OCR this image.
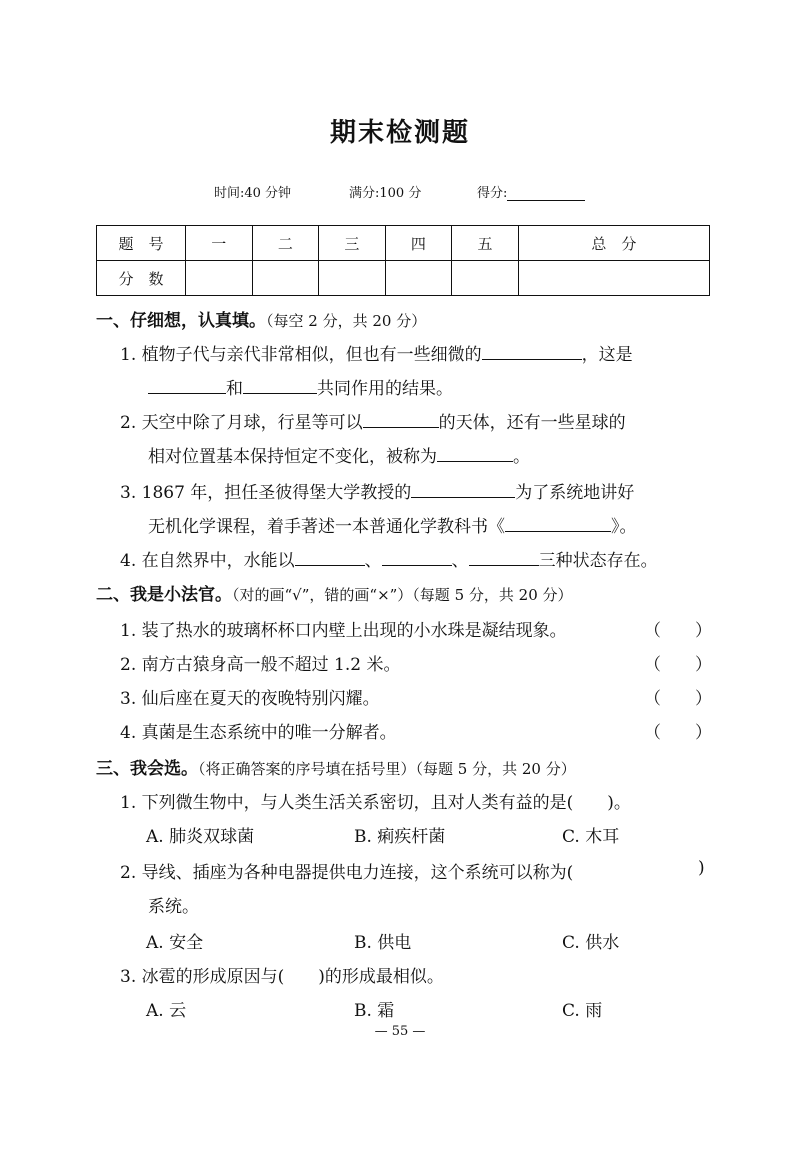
期末检测题
时间:40 分钟	满分:100 分	得分:
题　号	一	二	三	四	五	总　分
分　数						
一、仔细想，认真填。（每空 2 分，共 20 分）
1. 植物子代与亲代非常相似，但也有一些细微的	，这是
和	共同作用的结果。
2. 天空中除了月球，行星等可以	的天体，还有一些星球的
相对位置基本保持恒定不变化，被称为	。
3. 1867 年，担任圣彼得堡大学教授的	为了系统地讲好
无机化学课程，着手著述一本普通化学教科书《	》。
4. 在自然界中，水能以	、	、	三种状态存在。
二、我是小法官。（对的画“√”，错的画“×”）（每题 5 分，共 20 分）
1. 装了热水的玻璃杯杯口内壁上出现的小水珠是凝结现象。	（　　）
2. 南方古猿身高一般不超过 1.2 米。	（　　）
3. 仙后座在夏天的夜晚特别闪耀。	（　　）
4. 真菌是生态系统中的唯一分解者。	（　　）
三、我会选。（将正确答案的序号填在括号里）（每题 5 分，共 20 分）
1. 下列微生物中，与人类生活关系密切，且对人类有益的是(　　)。
A. 肺炎双球菌	B. 痢疾杆菌	C. 木耳
2. 导线、插座为各种电器提供电力连接，这个系统可以称为(	)
系统。
A. 安全	B. 供电	C. 供水
3. 冰雹的形成原因与(　　)的形成最相似。
A. 云	B. 霜	C. 雨
— 55 —
